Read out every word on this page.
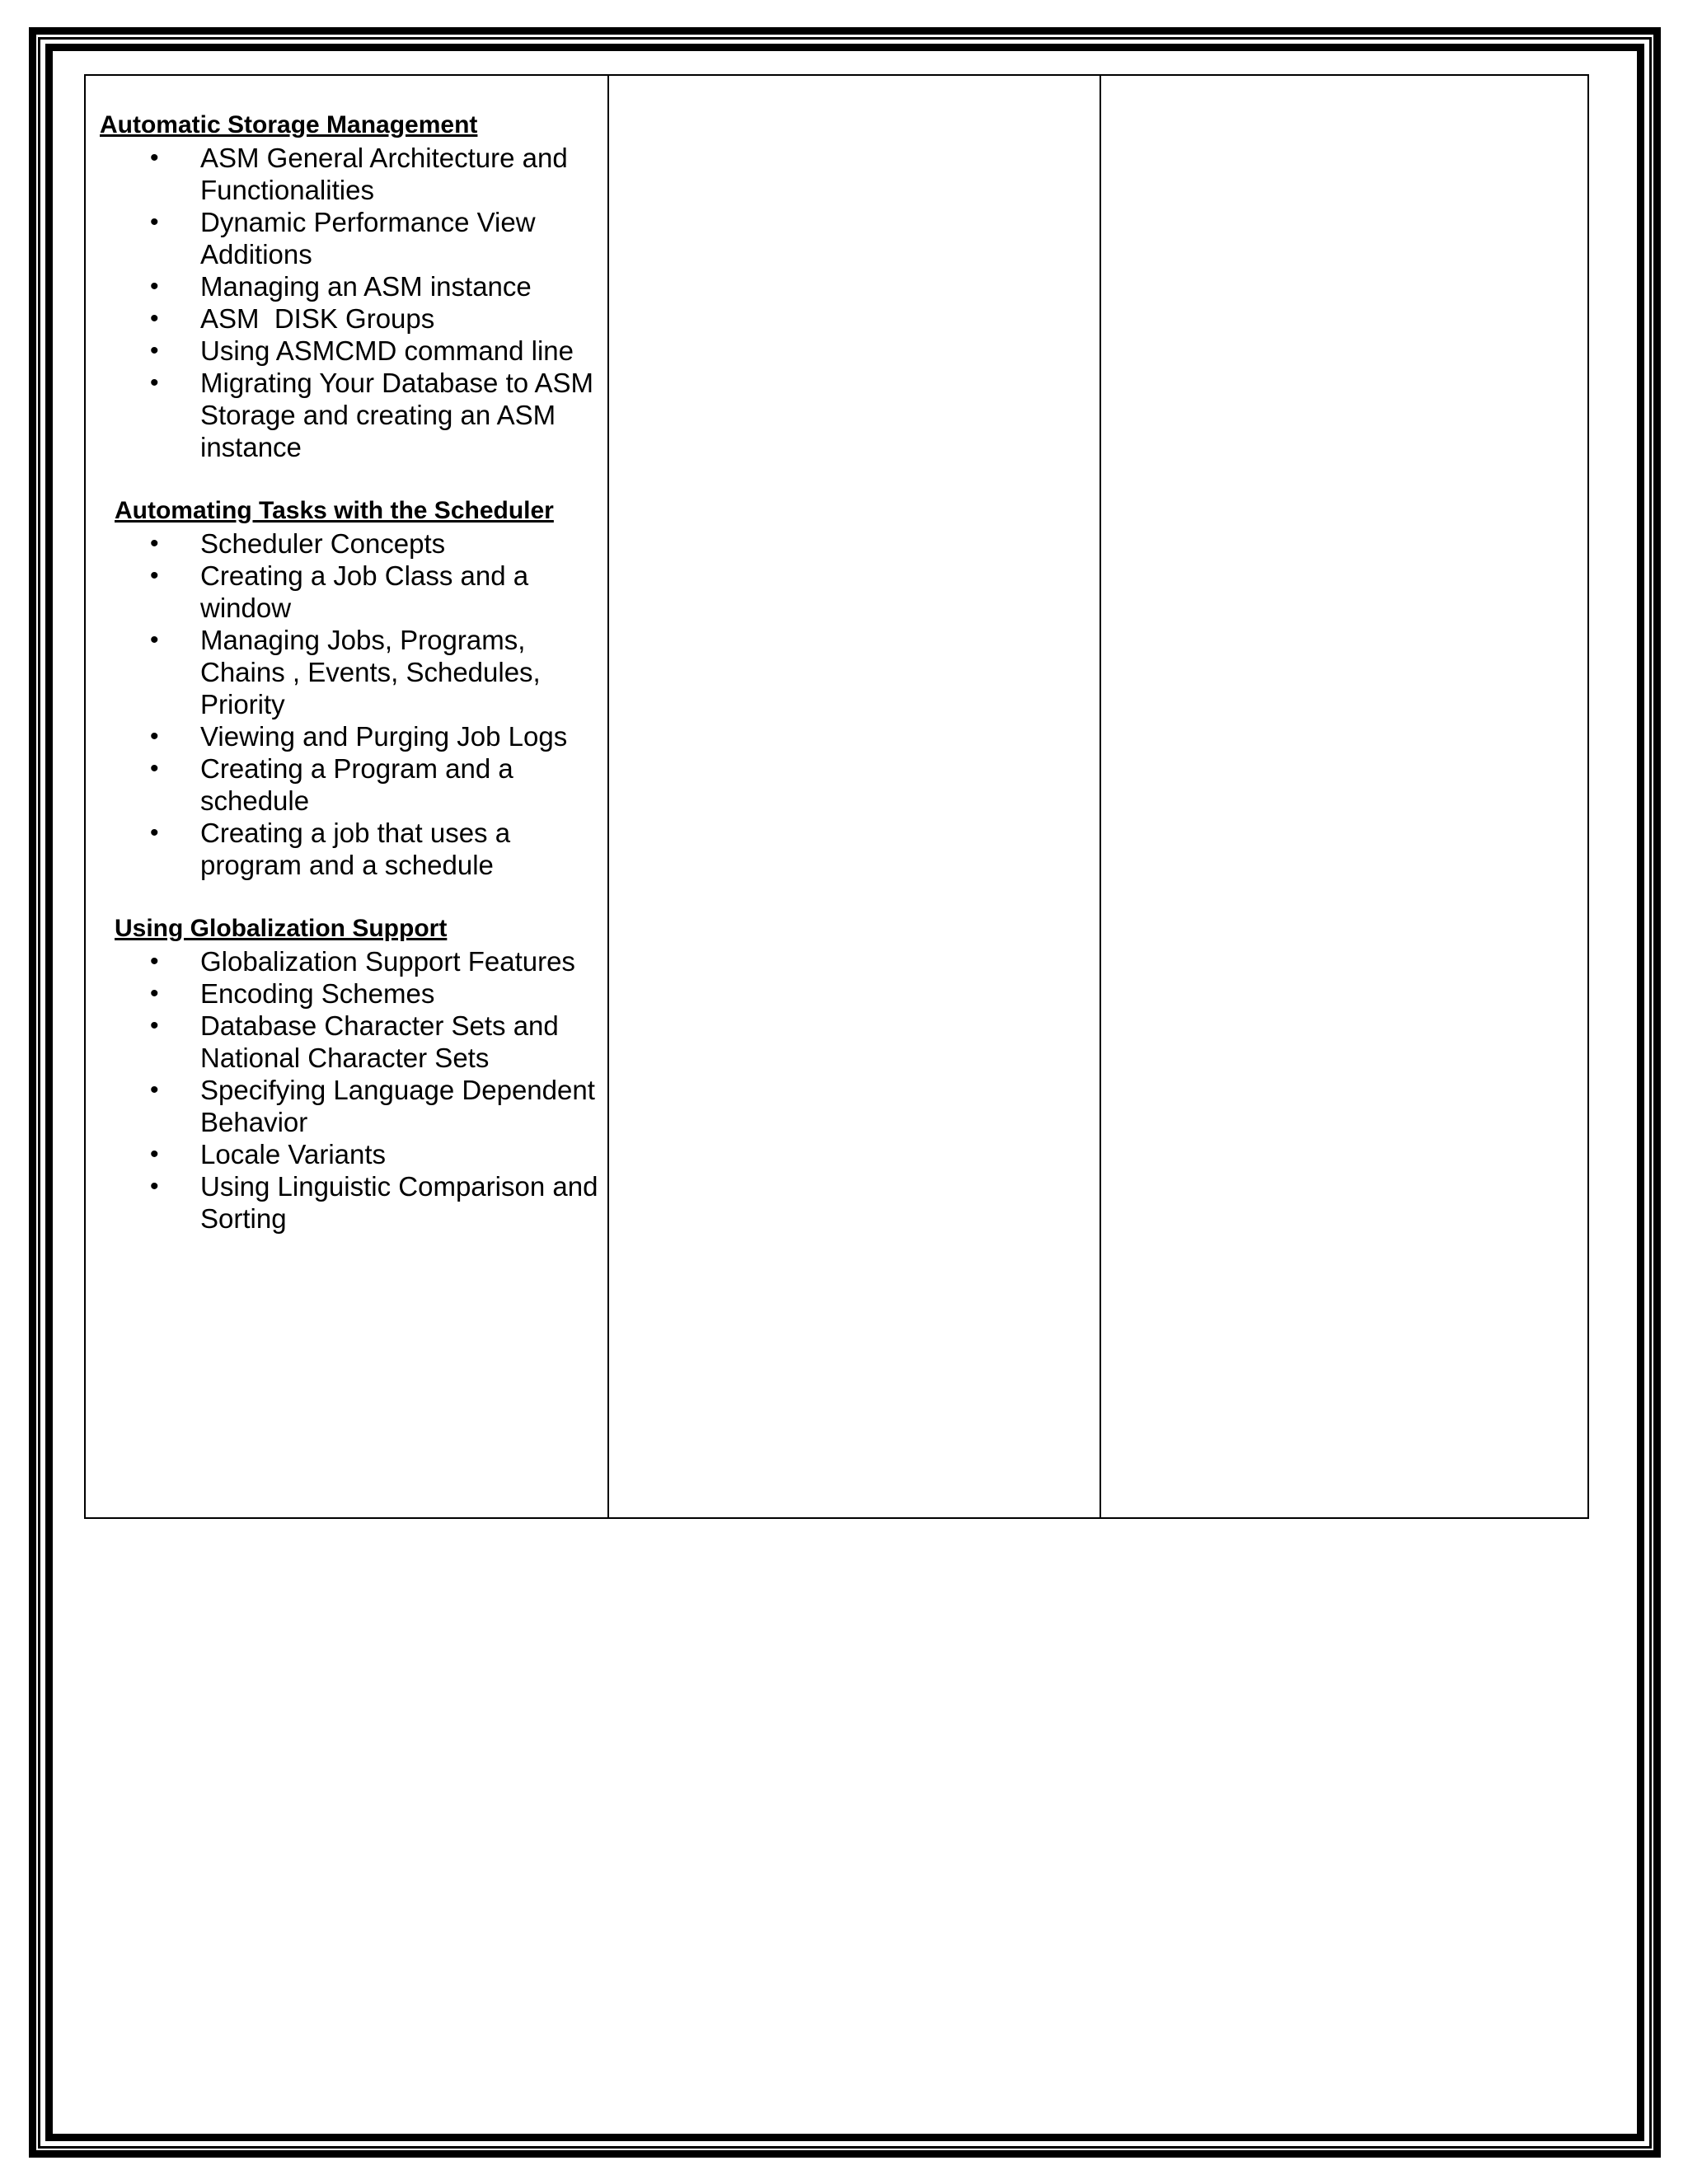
Automatic Storage Management

• ASM General Architecture and Functionalities
• Dynamic Performance View Additions
• Managing an ASM instance
• ASM  DISK Groups
• Using ASMCMD command line
• Migrating Your Database to ASM Storage and creating an ASM instance

Automating Tasks with the Scheduler

• Scheduler Concepts
• Creating a Job Class and a window
• Managing Jobs, Programs, Chains , Events, Schedules, Priority
• Viewing and Purging Job Logs
• Creating a Program and a schedule
• Creating a job that uses a program and a schedule

Using Globalization Support

• Globalization Support Features
• Encoding Schemes
• Database Character Sets and National Character Sets
• Specifying Language Dependent Behavior
• Locale Variants
• Using Linguistic Comparison and Sorting
